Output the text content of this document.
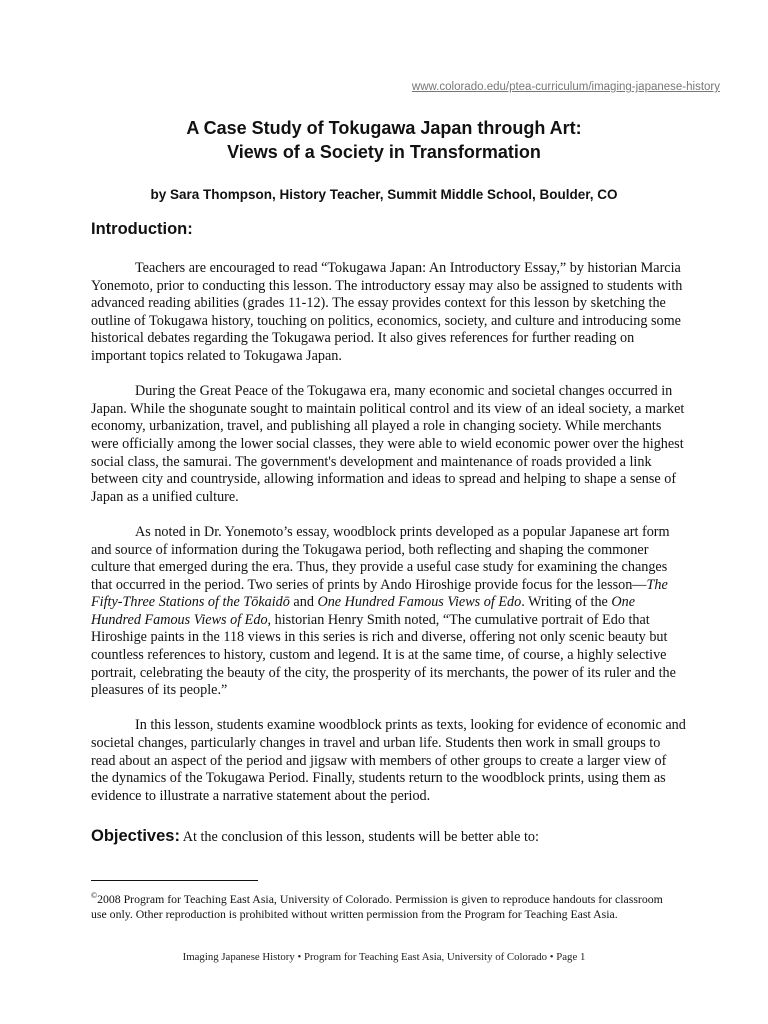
www.colorado.edu/ptea-curriculum/imaging-japanese-history
A Case Study of Tokugawa Japan through Art:
Views of a Society in Transformation
by Sara Thompson, History Teacher, Summit Middle School, Boulder, CO
Introduction:

Teachers are encouraged to read “Tokugawa Japan: An Introductory Essay,” by historian Marcia Yonemoto, prior to conducting this lesson. The introductory essay may also be assigned to students with advanced reading abilities (grades 11-12). The essay provides context for this lesson by sketching the outline of Tokugawa history, touching on politics, economics, society, and culture and introducing some historical debates regarding the Tokugawa period. It also gives references for further reading on important topics related to Tokugawa Japan.

During the Great Peace of the Tokugawa era, many economic and societal changes occurred in Japan. While the shogunate sought to maintain political control and its view of an ideal society, a market economy, urbanization, travel, and publishing all played a role in changing society. While merchants were officially among the lower social classes, they were able to wield economic power over the highest social class, the samurai. The government's development and maintenance of roads provided a link between city and countryside, allowing information and ideas to spread and helping to shape a sense of Japan as a unified culture.

As noted in Dr. Yonemoto’s essay, woodblock prints developed as a popular Japanese art form and source of information during the Tokugawa period, both reflecting and shaping the commoner culture that emerged during the era. Thus, they provide a useful case study for examining the changes that occurred in the period. Two series of prints by Ando Hiroshige provide focus for the lesson—The Fifty-Three Stations of the Tōkaidō and One Hundred Famous Views of Edo. Writing of the One Hundred Famous Views of Edo, historian Henry Smith noted, “The cumulative portrait of Edo that Hiroshige paints in the 118 views in this series is rich and diverse, offering not only scenic beauty but countless references to history, custom and legend. It is at the same time, of course, a highly selective portrait, celebrating the beauty of the city, the prosperity of its merchants, the power of its ruler and the pleasures of its people.”

In this lesson, students examine woodblock prints as texts, looking for evidence of economic and societal changes, particularly changes in travel and urban life. Students then work in small groups to read about an aspect of the period and jigsaw with members of other groups to create a larger view of the dynamics of the Tokugawa Period. Finally, students return to the woodblock prints, using them as evidence to illustrate a narrative statement about the period.

Objectives: At the conclusion of this lesson, students will be better able to:
©2008 Program for Teaching East Asia, University of Colorado. Permission is given to reproduce handouts for classroom use only. Other reproduction is prohibited without written permission from the Program for Teaching East Asia.
Imaging Japanese History • Program for Teaching East Asia, University of Colorado • Page 1
